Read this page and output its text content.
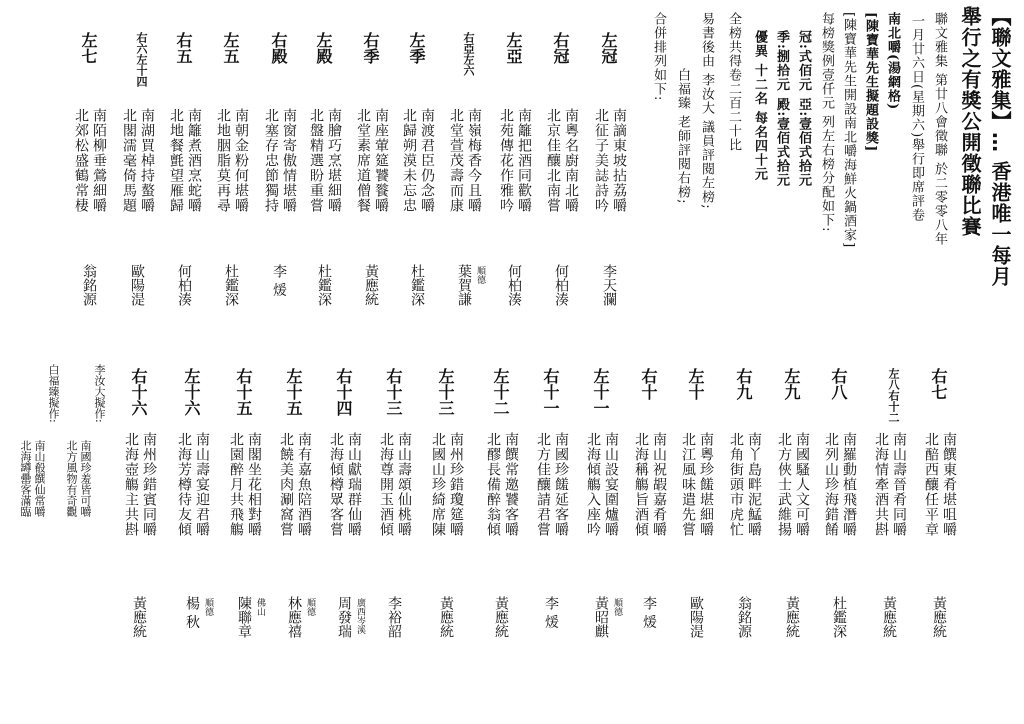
【聯文雅集】… 香港唯一每月
舉行之有獎公開徵聯比賽
聯文雅集 第廿八會徵聯 於二零零八年
一月廿六日(星期六)舉行即席評卷
南北嚼(湯網格)
[陳寶華先生擬題設獎]
[陳寶華先生開設南北嚼海鮮火鍋酒家]
每榜獎例壹仟元 列左右榜分配如下:
冠:式佰元 亞:壹佰式拾元
季:捌拾元 殿:壹佰式拾元
優異 十二名 每名四十元
全榜共得卷二百二十比
易書後由 李汝大 議員評閱左榜;
白福臻 老師評閱右榜;
合併排列如下:
左冠
南謫東坡拈荔嚼
北征子美誌詩吟
李天瀾
右冠
南粵名廚南北嚼
北京佳釀北南嘗
何柏湊
左亞
南籬把酒同歡嚼
北苑傳花作雅吟
何柏湊
右亞左六
南嶺梅香今且嚼
北堂萱茂壽而康
葉賀謙 順德
左季
南渡君臣仍念嚼
北歸朔漠未忘忠
杜鑑深
右季
南座葷筵饕餮嚼
北堂素席道僧餐
黃應統
左殿
南膾巧烹堪細嚼
北盤精選盼重嘗
杜鑑深
右殿
南窗寄傲情堪嚼
北塞存忠節獨持
李 煖
左五
南朝金粉何堪嚼
北地胭脂莫再尋
杜鑑深
右五
南籬煮酒烹蛇嚼
北地餐氈望雁歸
何柏湊
右六左十四
南湖買棹持螯嚼
北閣濡毫倚馬題
歐陽湜
左七
南陌柳垂鶯細嚼
北郊松盛鶴常棲
翁銘源
右七
南饌東肴堪咀嚼
北醅西釀任平章
黃應統
左八右十二
南山壽晉肴同嚼
北海情牽酒共斟
黃應統
右八
南羅動植飛潛嚼
北列山珍海錯餚
杜鑑深
左九
南國騷人文可嚼
北方俠士武維揚
黃應統
右九
南丫島畔泥鯭嚼
北角街頭市虎忙
翁銘源
左十
南粵珍饈堪細嚼
北江風味遣先嘗
歐陽湜
右十
南山祝嘏嘉肴嚼
北海稱觴旨酒傾
李 煖
左十一
南山設宴圍爐嚼
北海傾觴入座吟
黃昭麒 順德
右十一
南國珍饈延客嚼
北方佳釀請君嘗
李 煖
左十二
南饌常邀饕客嚼
北醪長備醉翁傾
黃應統
左十三
南州珍錯瓊筵嚼
北國山珍綺席陳
黃應統
右十三
南山壽頌仙桃嚼
北海尊開玉酒傾
李裕韶
右十四
南山獻瑞群仙嚼
北海傾樽眾客嘗
周發瑞 廣西岑溪
左十五
南有嘉魚陪酒嚼
北饒美肉涮窩嘗
林應禧 順德
右十五
南閣坐花相對嚼
北園醉月共飛觴
陳聯章 佛山
左十六
南山壽宴迎君嚼
北海芳樽待友傾
楊 秋 順德
右十六
南州珍錯賓同嚼
北海壺觴主共斟
黃應統
李汝大擬作:
南國珍羞皆可嚼
北方風物有奇觀
白福臻擬作:
南山殽饌仙常嚼
北海罇罍客滿臨
